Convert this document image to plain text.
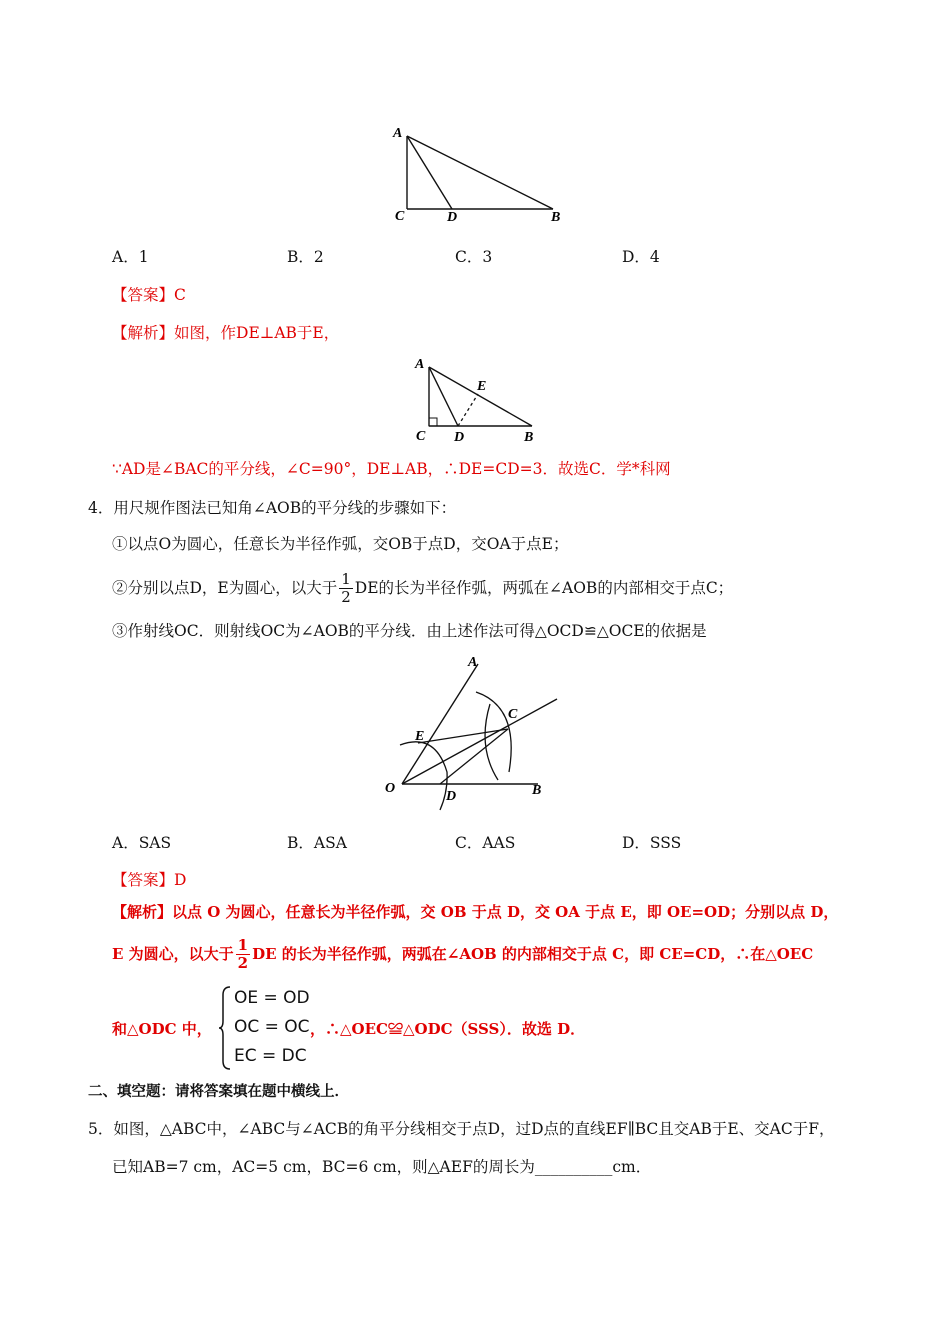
A
C	D	B
A．1	B．2	C．3	D．4
【答案】C
【解析】如图，作DE⊥AB于E，
A
E
C D	B
∵AD是∠BAC的平分线，∠C=90°，DE⊥AB，∴DE=CD=3．故选C．学*科网
4．用尺规作图法已知角∠AOB的平分线的步骤如下：
①以点O为圆心，任意长为半径作弧，交OB于点D，交OA于点E；
②分别以点D，E为圆心，以大于 $\frac{1}{2}$ DE的长为半径作弧，两弧在∠AOB的内部相交于点C；
③作射线OC．则射线OC为∠AOB的平分线．由上述作法可得△OCD≌△OCE的依据是
A
E
C
O
D	B
A．SAS	B．ASA	C．AAS	D．SSS
【答案】D
【解析】以点 O 为圆心，任意长为半径作弧，交 OB 于点 D，交 OA 于点 E，即 OE=OD；分别以点 D，
E 为圆心，以大于 $\frac{1}{2}$ DE 的长为半径作弧，两弧在∠AOB 的内部相交于点 C，即 CE=CD，∴在△OEC
和△ODC 中，
OE = OD
OC = OC
EC = DC
，∴△OEC≌△ODC（SSS）．故选 D．
二、填空题：请将答案填在题中横线上．
5．如图，△ABC中，∠ABC与∠ACB的角平分线相交于点D，过D点的直线EF∥BC且交AB于E、交AC于F，
已知AB=7 cm，AC=5 cm，BC=6 cm，则△AEF的周长为__________cm．
